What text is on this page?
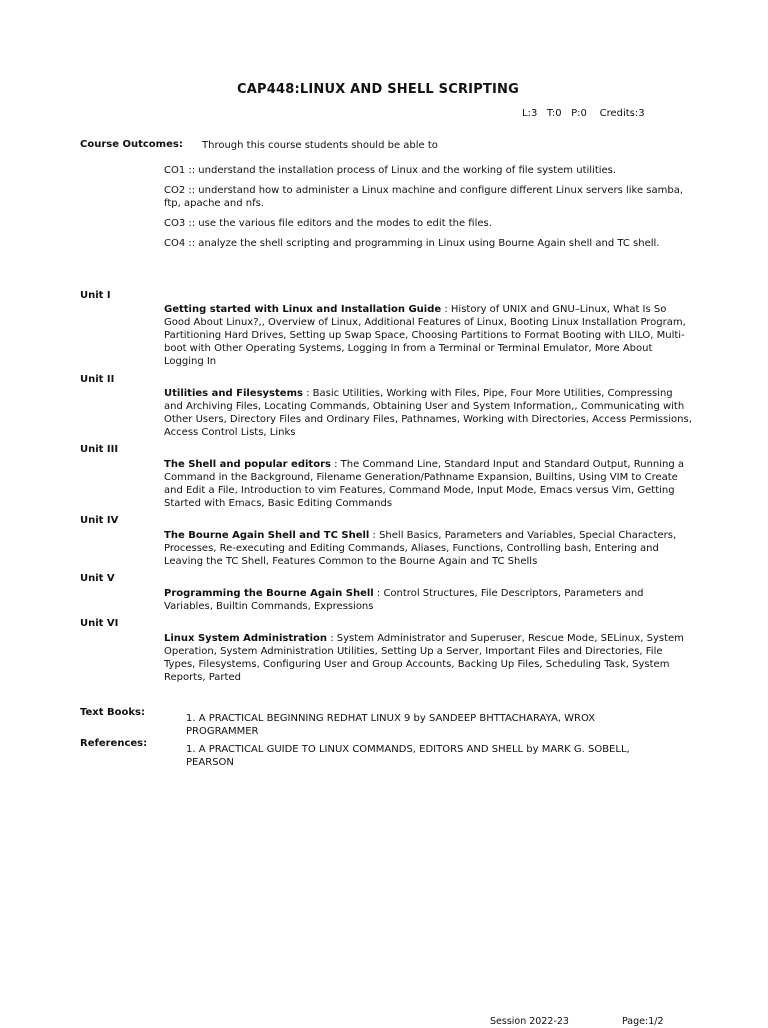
CAP448:LINUX AND SHELL SCRIPTING
L:3   T:0   P:0    Credits:3
Course Outcomes: Through this course students should be able to
CO1 :: understand the installation process of Linux and the working of file system utilities.
CO2 :: understand how to administer a Linux machine and configure different Linux servers like samba, ftp, apache and nfs.
CO3 :: use the various file editors and the modes to edit the files.
CO4 :: analyze the shell scripting and programming in Linux using Bourne Again shell and TC shell.
Unit I
Getting started with Linux and Installation Guide : History of UNIX and GNU–Linux, What Is So Good About Linux?,, Overview of Linux, Additional Features of Linux, Booting Linux Installation Program, Partitioning Hard Drives, Setting up Swap Space, Choosing Partitions to Format Booting with LILO, Multi-boot with Other Operating Systems, Logging In from a Terminal or Terminal Emulator, More About Logging In
Unit II
Utilities and Filesystems : Basic Utilities, Working with Files, Pipe, Four More Utilities, Compressing and Archiving Files, Locating Commands, Obtaining User and System Information,, Communicating with Other Users, Directory Files and Ordinary Files, Pathnames, Working with Directories, Access Permissions, Access Control Lists, Links
Unit III
The Shell and popular editors : The Command Line, Standard Input and Standard Output, Running a Command in the Background, Filename Generation/Pathname Expansion, Builtins, Using VIM to Create and Edit a File, Introduction to vim Features, Command Mode, Input Mode, Emacs versus Vim, Getting Started with Emacs, Basic Editing Commands
Unit IV
The Bourne Again Shell and TC Shell : Shell Basics, Parameters and Variables, Special Characters, Processes, Re-executing and Editing Commands, Aliases, Functions, Controlling bash, Entering and Leaving the TC Shell, Features Common to the Bourne Again and TC Shells
Unit V
Programming the Bourne Again Shell : Control Structures, File Descriptors, Parameters and Variables, Builtin Commands, Expressions
Unit VI
Linux System Administration : System Administrator and Superuser, Rescue Mode, SELinux, System Operation, System Administration Utilities, Setting Up a Server, Important Files and Directories, File Types, Filesystems, Configuring User and Group Accounts, Backing Up Files, Scheduling Task, System Reports, Parted
Text Books:
1. A PRACTICAL BEGINNING REDHAT LINUX 9 by SANDEEP BHTTACHARAYA, WROX PROGRAMMER
References:
1. A PRACTICAL GUIDE TO LINUX COMMANDS, EDITORS AND SHELL by MARK G. SOBELL, PEARSON
Session 2022-23	Page:1/2
